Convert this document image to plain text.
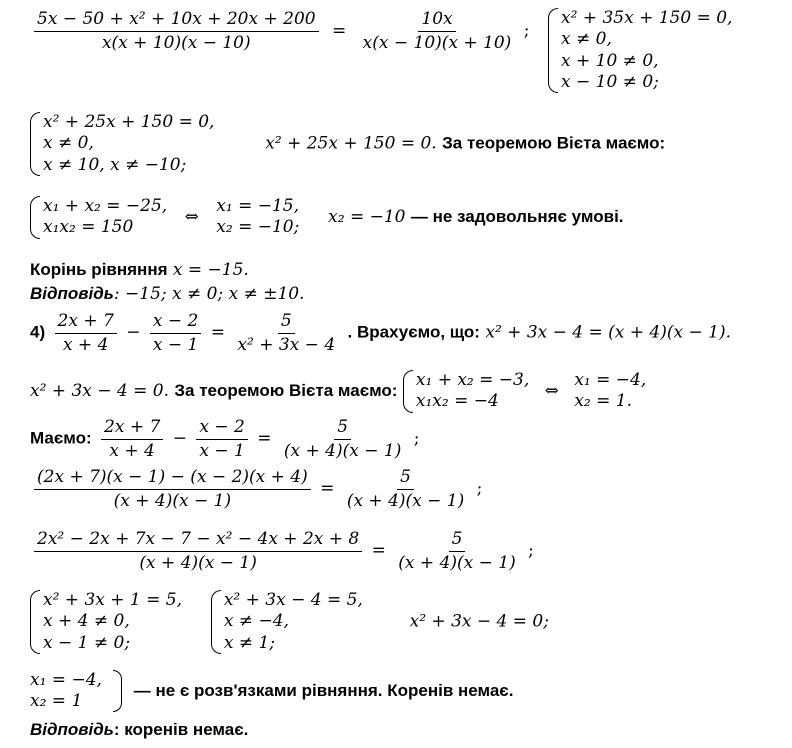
$\frac{\text{5x − 50 + x² + 10x + 20x + 200}}{x(x + 10)(x - 10)} = \frac{10x}{x(x - 10)(x + 10)}$ ;
x² + 35x + 150 = 0,
x ≠ 0,
x + 10 ≠ 0,
x − 10 ≠ 0;
x² + 25x + 150 = 0,
x ≠ 0,
x ≠ 10, x ≠ −10;
x² + 25x + 150 = 0. За теоремою Вієта маємо:
x₁ + x₂ = −25,
x₁x₂ = 150
⇔
x₁ = −15,
x₂ = −10;
x₂ = −10 — не задовольняє умові.
Корінь рівняння x = −15.
Відповідь: −15; x ≠ 0; x ≠ ±10.
$4) \frac{2x + 7}{x + 4} - \frac{x - 2}{x - 1} = \frac{5}{\text{x² + 3x − 4}}$ . Врахуємо, що: x² + 3x − 4 = (x + 4)(x − 1).
x² + 3x − 4 = 0. За теоремою Вієта маємо:
x₁ + x₂ = −3,
x₁x₂ = −4
⇔
x₁ = −4,
x₂ = 1.
Маємо: $\frac{2x + 7}{x + 4} - \frac{x - 2}{x - 1} = \frac{5}{(x + 4)(x - 1)}$ ;
$\frac{(2x + 7)(x - 1) - (x - 2)(x + 4)}{(x + 4)(x - 1)} = \frac{5}{(x + 4)(x - 1)}$ ;
$\frac{\text{2x² − 2x + 7x − 7 − x² − 4x + 2x + 8}}{(x + 4)(x - 1)} = \frac{5}{(x + 4)(x - 1)}$ ;
x² + 3x + 1 = 5,
x + 4 ≠ 0,
x − 1 ≠ 0;

x² + 3x − 4 = 5,
x ≠ −4,
x ≠ 1;
x² + 3x − 4 = 0;
x₁ = −4,
x₂ = 1
— не є розв'язками рівняння. Коренів немає.
Відповідь: коренів немає.
